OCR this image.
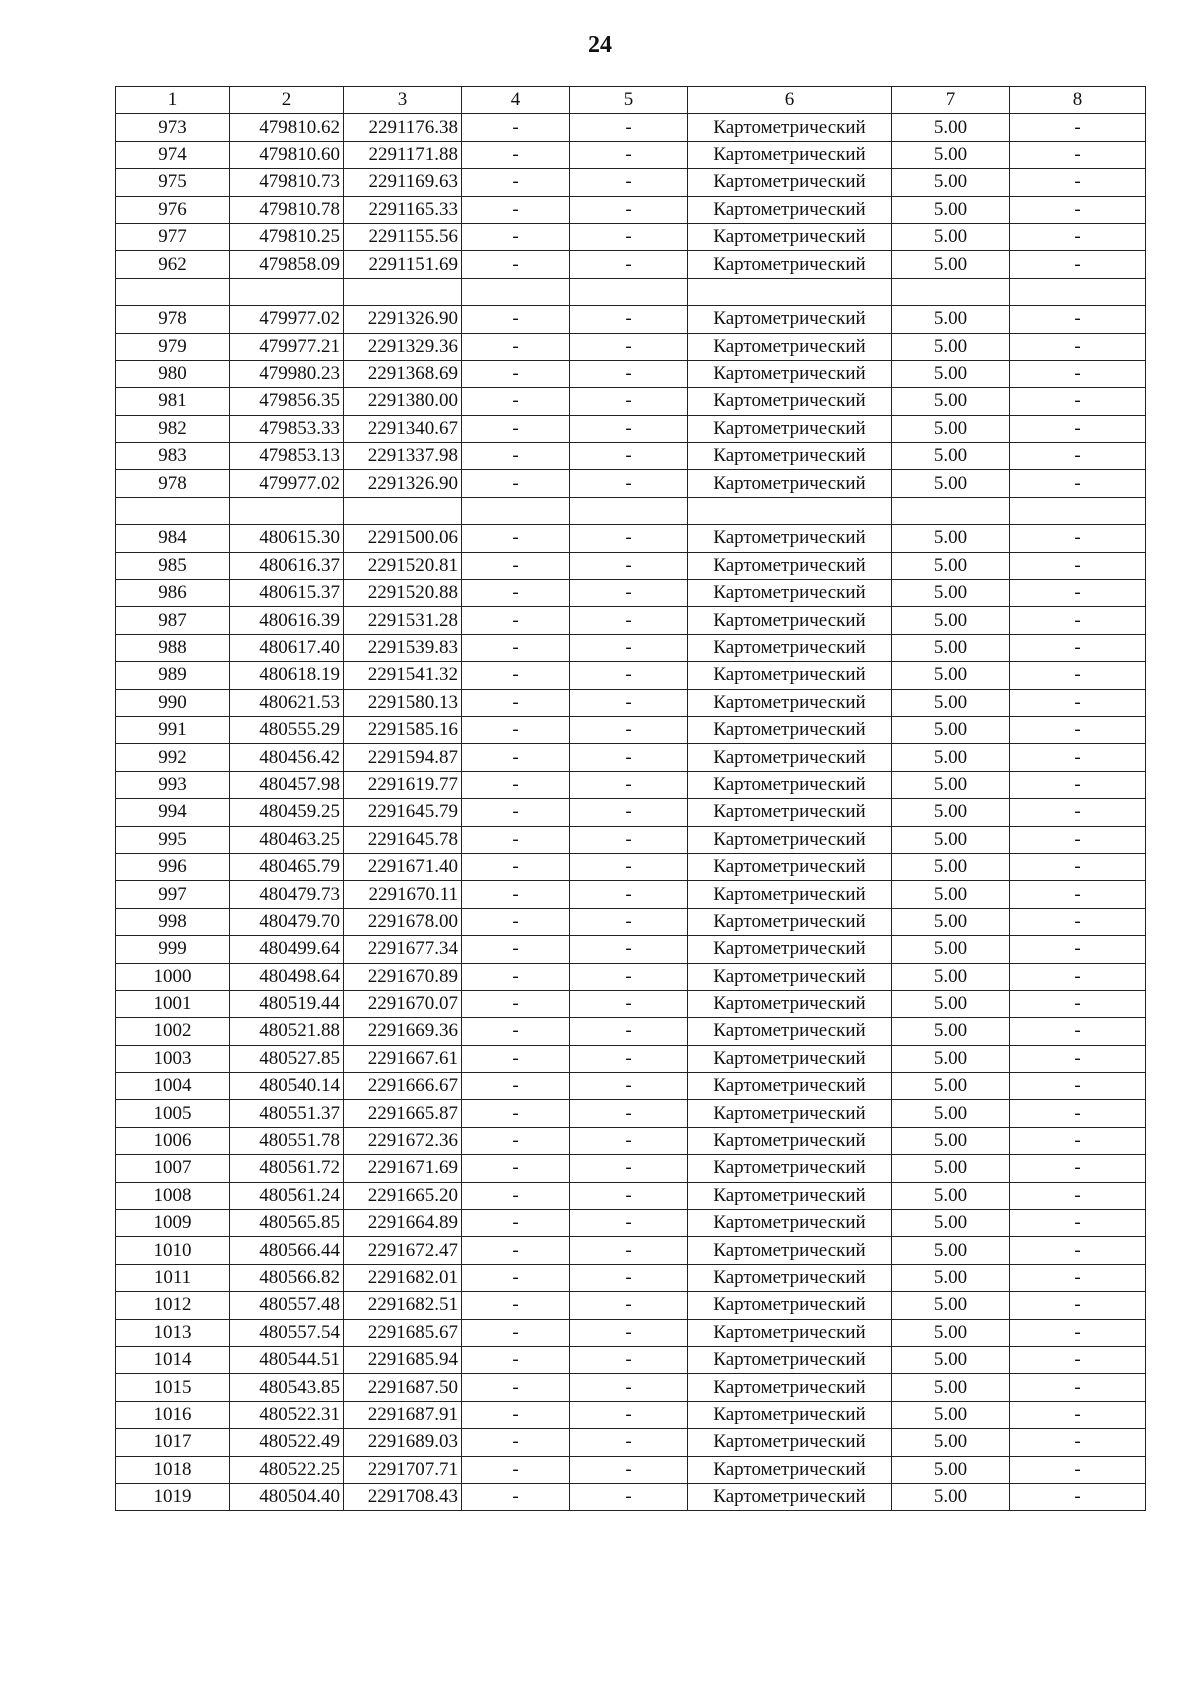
24
1	2	3	4	5	6	7	8
973	479810.62	2291176.38	-	-	Картометрический	5.00	-
974	479810.60	2291171.88	-	-	Картометрический	5.00	-
975	479810.73	2291169.63	-	-	Картометрический	5.00	-
976	479810.78	2291165.33	-	-	Картометрический	5.00	-
977	479810.25	2291155.56	-	-	Картометрический	5.00	-
962	479858.09	2291151.69	-	-	Картометрический	5.00	-

978	479977.02	2291326.90	-	-	Картометрический	5.00	-
979	479977.21	2291329.36	-	-	Картометрический	5.00	-
980	479980.23	2291368.69	-	-	Картометрический	5.00	-
981	479856.35	2291380.00	-	-	Картометрический	5.00	-
982	479853.33	2291340.67	-	-	Картометрический	5.00	-
983	479853.13	2291337.98	-	-	Картометрический	5.00	-
978	479977.02	2291326.90	-	-	Картометрический	5.00	-

984	480615.30	2291500.06	-	-	Картометрический	5.00	-
985	480616.37	2291520.81	-	-	Картометрический	5.00	-
986	480615.37	2291520.88	-	-	Картометрический	5.00	-
987	480616.39	2291531.28	-	-	Картометрический	5.00	-
988	480617.40	2291539.83	-	-	Картометрический	5.00	-
989	480618.19	2291541.32	-	-	Картометрический	5.00	-
990	480621.53	2291580.13	-	-	Картометрический	5.00	-
991	480555.29	2291585.16	-	-	Картометрический	5.00	-
992	480456.42	2291594.87	-	-	Картометрический	5.00	-
993	480457.98	2291619.77	-	-	Картометрический	5.00	-
994	480459.25	2291645.79	-	-	Картометрический	5.00	-
995	480463.25	2291645.78	-	-	Картометрический	5.00	-
996	480465.79	2291671.40	-	-	Картометрический	5.00	-
997	480479.73	2291670.11	-	-	Картометрический	5.00	-
998	480479.70	2291678.00	-	-	Картометрический	5.00	-
999	480499.64	2291677.34	-	-	Картометрический	5.00	-
1000	480498.64	2291670.89	-	-	Картометрический	5.00	-
1001	480519.44	2291670.07	-	-	Картометрический	5.00	-
1002	480521.88	2291669.36	-	-	Картометрический	5.00	-
1003	480527.85	2291667.61	-	-	Картометрический	5.00	-
1004	480540.14	2291666.67	-	-	Картометрический	5.00	-
1005	480551.37	2291665.87	-	-	Картометрический	5.00	-
1006	480551.78	2291672.36	-	-	Картометрический	5.00	-
1007	480561.72	2291671.69	-	-	Картометрический	5.00	-
1008	480561.24	2291665.20	-	-	Картометрический	5.00	-
1009	480565.85	2291664.89	-	-	Картометрический	5.00	-
1010	480566.44	2291672.47	-	-	Картометрический	5.00	-
1011	480566.82	2291682.01	-	-	Картометрический	5.00	-
1012	480557.48	2291682.51	-	-	Картометрический	5.00	-
1013	480557.54	2291685.67	-	-	Картометрический	5.00	-
1014	480544.51	2291685.94	-	-	Картометрический	5.00	-
1015	480543.85	2291687.50	-	-	Картометрический	5.00	-
1016	480522.31	2291687.91	-	-	Картометрический	5.00	-
1017	480522.49	2291689.03	-	-	Картометрический	5.00	-
1018	480522.25	2291707.71	-	-	Картометрический	5.00	-
1019	480504.40	2291708.43	-	-	Картометрический	5.00	-
